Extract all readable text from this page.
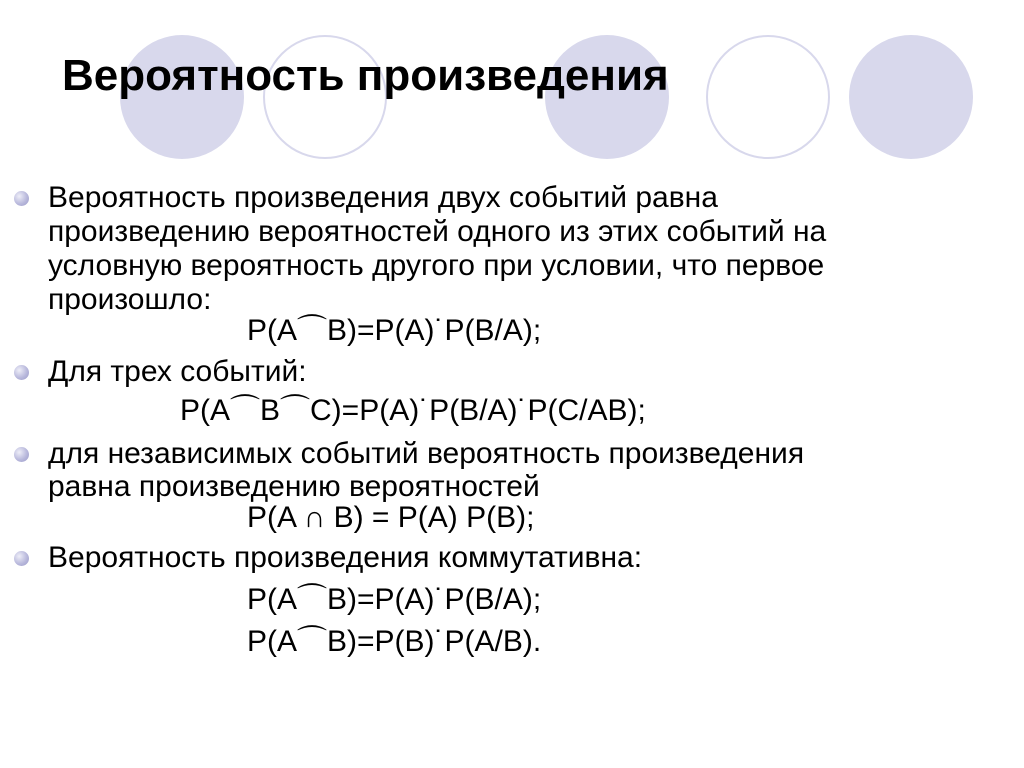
Вероятность произведения

Вероятность произведения двух событий равна

произведению вероятностей одного из этих событий на

условную вероятность другого при условии, что первое

произошло:

P(A⌒B)=P(A)˙P(B/A);

Для трех событий:

P(A⌒B⌒C)=P(A)˙P(B/A)˙P(C/AB);

для независимых событий вероятность произведения

равна произведению вероятностей

P(A ∩ B) = P(A) P(B);

Вероятность произведения коммутативна:

P(A⌒B)=P(A)˙P(B/A);

P(A⌒B)=P(B)˙P(A/B).
